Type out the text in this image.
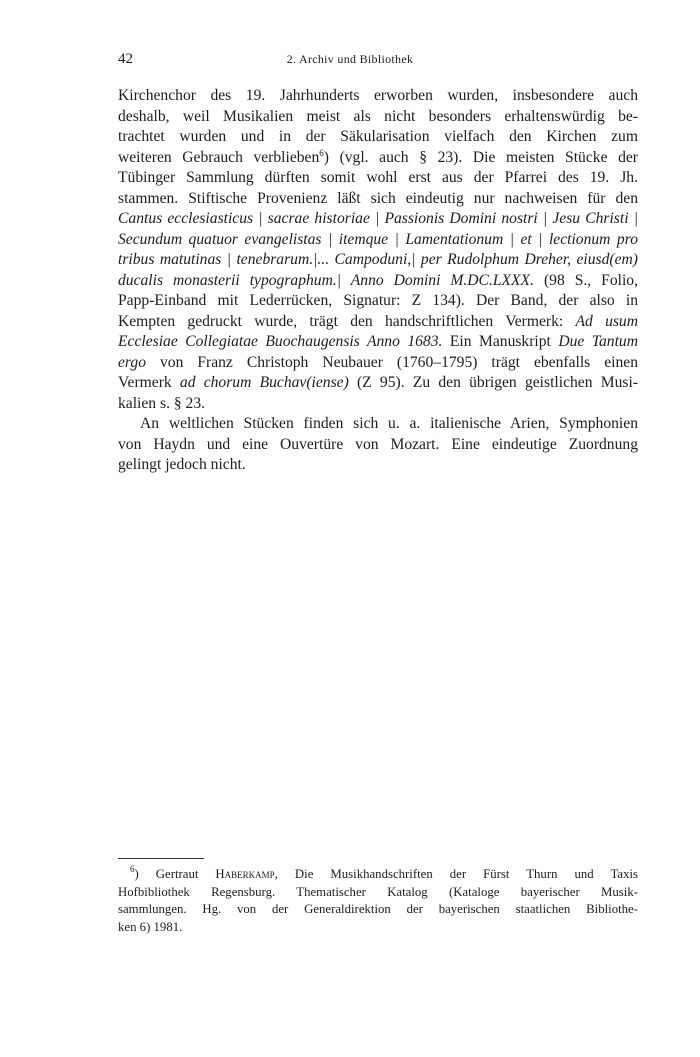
42	2. Archiv und Bibliothek
Kirchenchor des 19. Jahrhunderts erworben wurden, insbesondere auch
deshalb, weil Musikalien meist als nicht besonders erhaltenswürdig be-
trachtet wurden und in der Säkularisation vielfach den Kirchen zum
weiteren Gebrauch verblieben$^6$) (vgl. auch § 23). Die meisten Stücke der
Tübinger Sammlung dürften somit wohl erst aus der Pfarrei des 19. Jh.
stammen. Stiftische Provenienz läßt sich eindeutig nur nachweisen für den
Cantus ecclesiasticus | sacrae historiae | Passionis Domini nostri | Jesu Christi |
Secundum quatuor evangelistas | itemque | Lamentationum | et | lectionum pro
tribus matutinas | tenebrarum.|... Campoduni,| per Rudolphum Dreher, eiusd(em)
ducalis monasterii typographum.| Anno Domini M.DC.LXXX. (98 S., Folio,
Papp-Einband mit Lederrücken, Signatur: Z 134). Der Band, der also in
Kempten gedruckt wurde, trägt den handschriftlichen Vermerk: Ad usum
Ecclesiae Collegiatae Buochaugensis Anno 1683. Ein Manuskript Due Tantum
ergo von Franz Christoph Neubauer (1760–1795) trägt ebenfalls einen
Vermerk ad chorum Buchav(iense) (Z 95). Zu den übrigen geistlichen Musi-
kalien s. § 23.
An weltlichen Stücken finden sich u. a. italienische Arien, Symphonien
von Haydn und eine Ouvertüre von Mozart. Eine eindeutige Zuordnung
gelingt jedoch nicht.
$^6$) Gertraut Haberkamp, Die Musikhandschriften der Fürst Thurn und Taxis
Hofbibliothek Regensburg. Thematischer Katalog (Kataloge bayerischer Musik-
sammlungen. Hg. von der Generaldirektion der bayerischen staatlichen Bibliothe-
ken 6) 1981.
